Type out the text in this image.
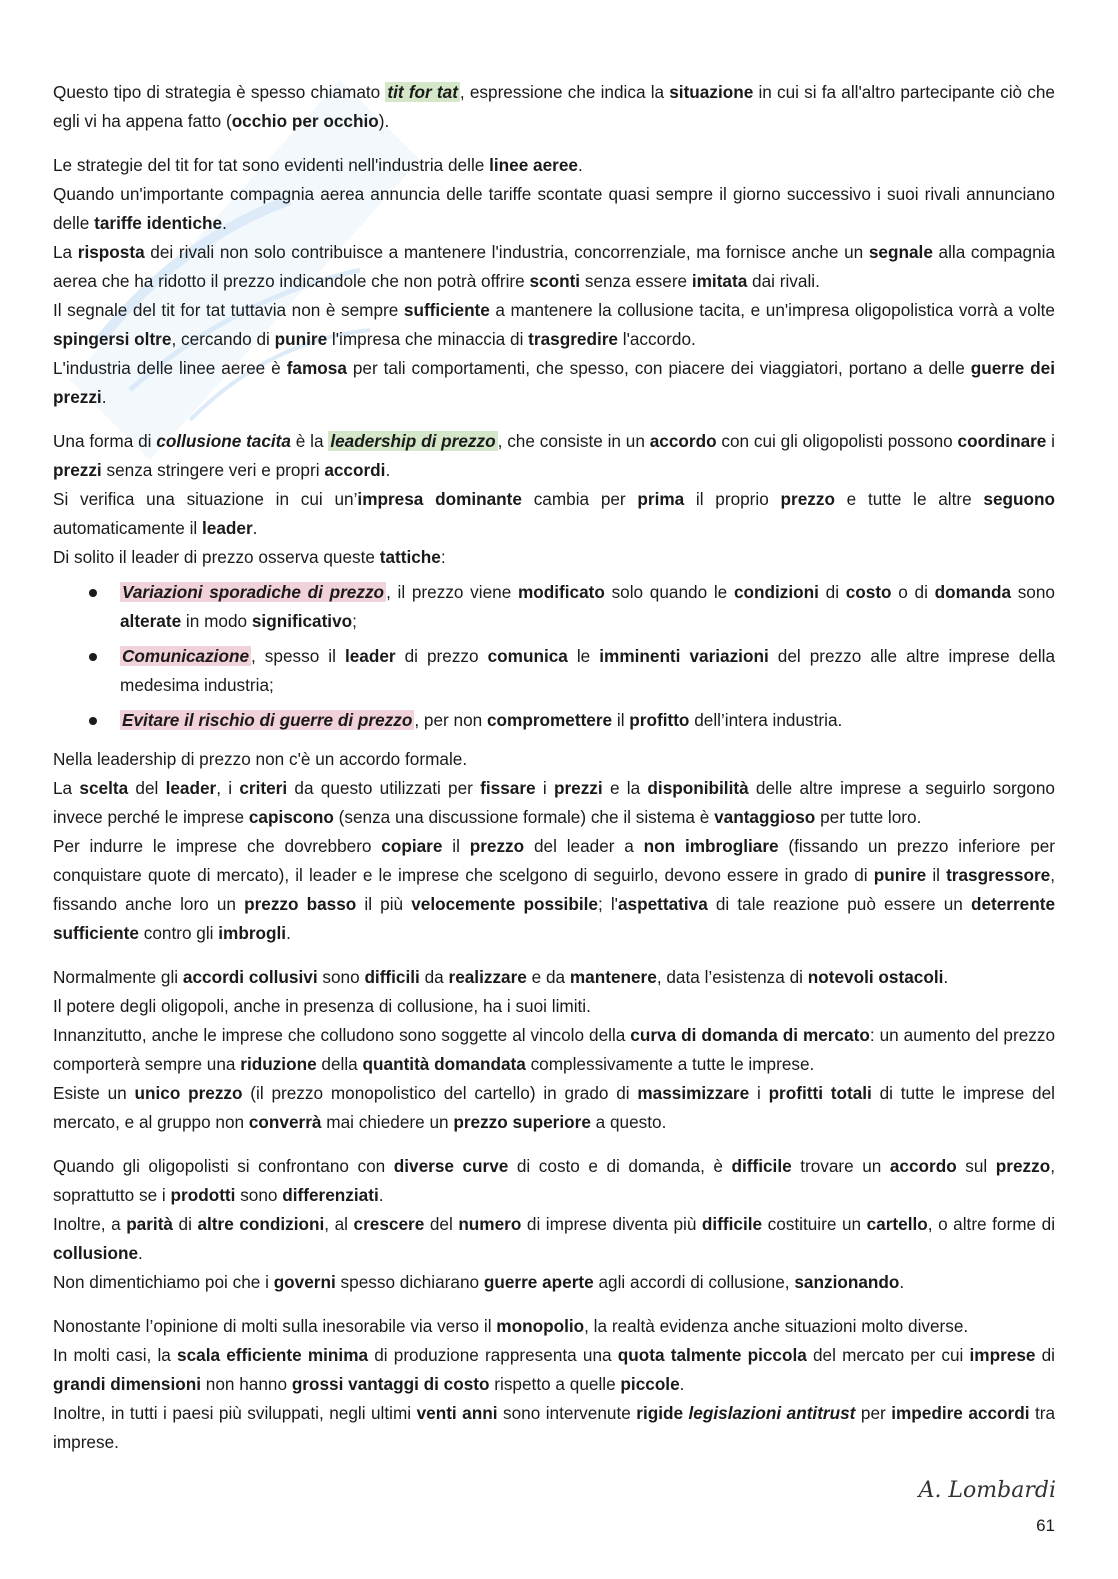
Questo tipo di strategia è spesso chiamato tit for tat , espressione che indica la situazione in cui si fa all'altro partecipante ciò che egli vi ha appena fatto (occhio per occhio).

Le strategie del tit for tat sono evidenti nell'industria delle linee aeree.
Quando un'importante compagnia aerea annuncia delle tariffe scontate quasi sempre il giorno successivo i suoi rivali annunciano delle tariffe identiche.
La risposta dei rivali non solo contribuisce a mantenere l'industria, concorrenziale, ma fornisce anche un segnale alla compagnia aerea che ha ridotto il prezzo indicandole che non potrà offrire sconti senza essere imitata dai rivali.
Il segnale del tit for tat tuttavia non è sempre sufficiente a mantenere la collusione tacita, e un'impresa oligopolistica vorrà a volte spingersi oltre, cercando di punire l'impresa che minaccia di trasgredire l'accordo.
L'industria delle linee aeree è famosa per tali comportamenti, che spesso, con piacere dei viaggiatori, portano a delle guerre dei prezzi.

Una forma di collusione tacita è la leadership di prezzo , che consiste in un accordo con cui gli oligopolisti possono coordinare i prezzi senza stringere veri e propri accordi.
Si verifica una situazione in cui un’impresa dominante cambia per prima il proprio prezzo e tutte le altre seguono automaticamente il leader.
Di solito il leader di prezzo osserva queste tattiche:

Variazioni sporadiche di prezzo , il prezzo viene modificato solo quando le condizioni di costo o di domanda sono alterate in modo significativo;
Comunicazione , spesso il leader di prezzo comunica le imminenti variazioni del prezzo alle altre imprese della medesima industria;
Evitare il rischio di guerre di prezzo , per non compromettere il profitto dell’intera industria.

Nella leadership di prezzo non c'è un accordo formale.
La scelta del leader, i criteri da questo utilizzati per fissare i prezzi e la disponibilità delle altre imprese a seguirlo sorgono invece perché le imprese capiscono (senza una discussione formale) che il sistema è vantaggioso per tutte loro.
Per indurre le imprese che dovrebbero copiare il prezzo del leader a non imbrogliare (fissando un prezzo inferiore per conquistare quote di mercato), il leader e le imprese che scelgono di seguirlo, devono essere in grado di punire il trasgressore, fissando anche loro un prezzo basso il più velocemente possibile; l'aspettativa di tale reazione può essere un deterrente sufficiente contro gli imbrogli.

Normalmente gli accordi collusivi sono difficili da realizzare e da mantenere, data l’esistenza di notevoli ostacoli.
Il potere degli oligopoli, anche in presenza di collusione, ha i suoi limiti.
Innanzitutto, anche le imprese che colludono sono soggette al vincolo della curva di domanda di mercato: un aumento del prezzo comporterà sempre una riduzione della quantità domandata complessivamente a tutte le imprese.
Esiste un unico prezzo (il prezzo monopolistico del cartello) in grado di massimizzare i profitti totali di tutte le imprese del mercato, e al gruppo non converrà mai chiedere un prezzo superiore a questo.

Quando gli oligopolisti si confrontano con diverse curve di costo e di domanda, è difficile trovare un accordo sul prezzo, soprattutto se i prodotti sono differenziati.
Inoltre, a parità di altre condizioni, al crescere del numero di imprese diventa più difficile costituire un cartello, o altre forme di collusione.
Non dimentichiamo poi che i governi spesso dichiarano guerre aperte agli accordi di collusione, sanzionando.

Nonostante l’opinione di molti sulla inesorabile via verso il monopolio, la realtà evidenza anche situazioni molto diverse.
In molti casi, la scala efficiente minima di produzione rappresenta una quota talmente piccola del mercato per cui imprese di grandi dimensioni non hanno grossi vantaggi di costo rispetto a quelle piccole.
Inoltre, in tutti i paesi più sviluppati, negli ultimi venti anni sono intervenute rigide legislazioni antitrust per impedire accordi tra imprese.

A. Lombardi
61
